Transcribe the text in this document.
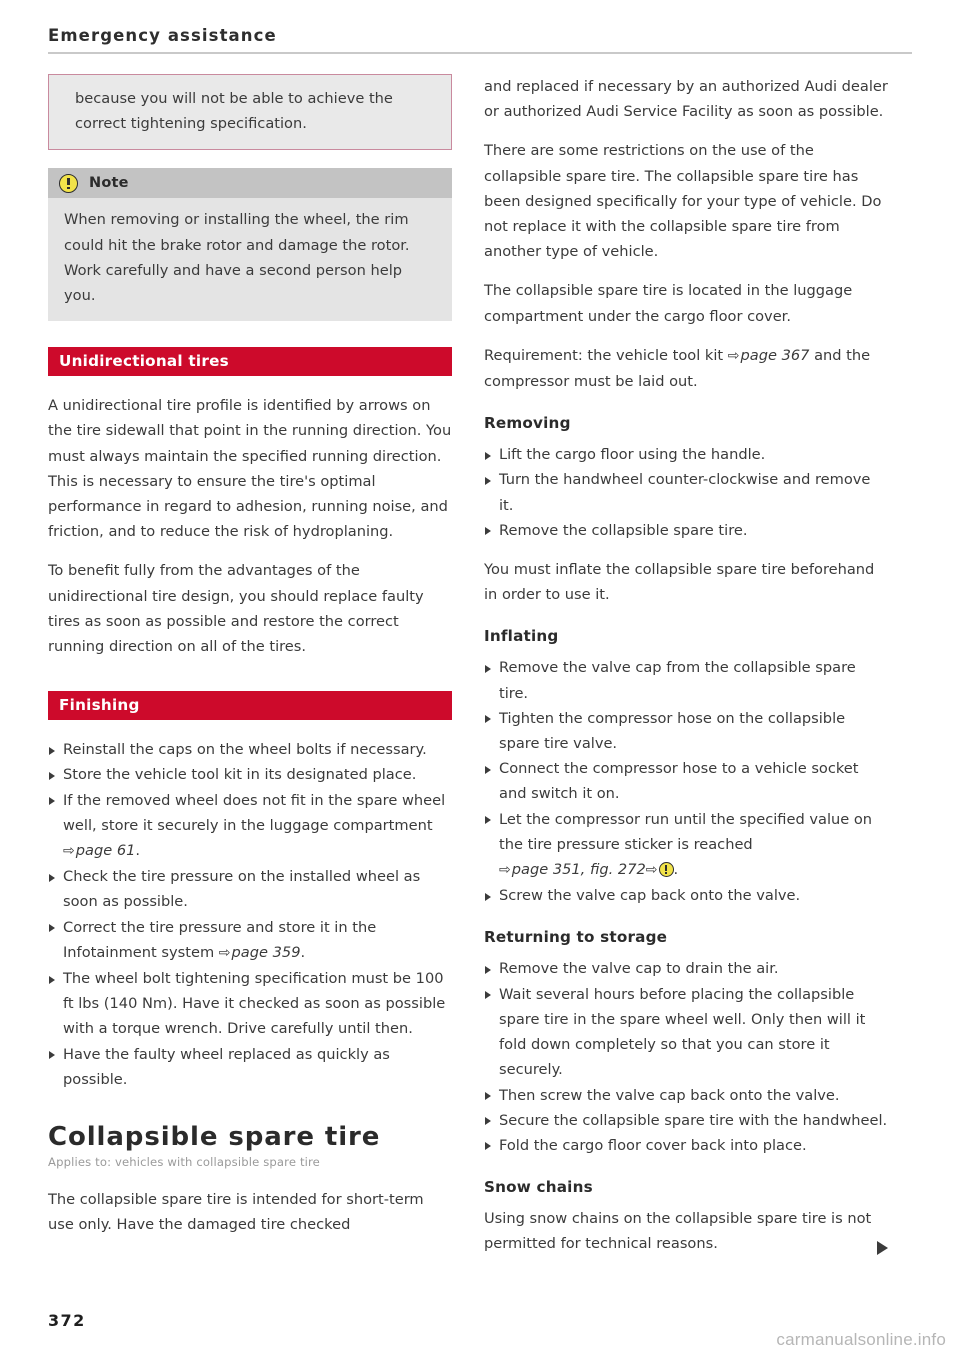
Emergency assistance

because you will not be able to achieve the correct tightening specification.

Note

When removing or installing the wheel, the rim could hit the brake rotor and damage the rotor. Work carefully and have a second person help you.

Unidirectional tires

A unidirectional tire profile is identified by arrows on the tire sidewall that point in the running direction. You must always maintain the specified running direction. This is necessary to ensure the tire's optimal performance in regard to adhesion, running noise, and friction, and to reduce the risk of hydroplaning.

To benefit fully from the advantages of the unidirectional tire design, you should replace faulty tires as soon as possible and restore the correct running direction on all of the tires.

Finishing
Reinstall the caps on the wheel bolts if necessary.
Store the vehicle tool kit in its designated place.
If the removed wheel does not fit in the spare wheel well, store it securely in the luggage compartment ⇨page 61.
Check the tire pressure on the installed wheel as soon as possible.
Correct the tire pressure and store it in the Infotainment system ⇨page 359.
The wheel bolt tightening specification must be 100 ft lbs (140 Nm). Have it checked as soon as possible with a torque wrench. Drive carefully until then.
Have the faulty wheel replaced as quickly as possible.
Collapsible spare tire
Applies to: vehicles with collapsible spare tire

The collapsible spare tire is intended for short-term use only. Have the damaged tire checked

and replaced if necessary by an authorized Audi dealer or authorized Audi Service Facility as soon as possible.

There are some restrictions on the use of the collapsible spare tire. The collapsible spare tire has been designed specifically for your type of vehicle. Do not replace it with the collapsible spare tire from another type of vehicle.

The collapsible spare tire is located in the luggage compartment under the cargo floor cover.

Requirement: the vehicle tool kit ⇨page 367 and the compressor must be laid out.

Removing
Lift the cargo floor using the handle.
Turn the handwheel counter-clockwise and remove it.
Remove the collapsible spare tire.

You must inflate the collapsible spare tire beforehand in order to use it.

Inflating
Remove the valve cap from the collapsible spare tire.
Tighten the compressor hose on the collapsible spare tire valve.
Connect the compressor hose to a vehicle socket and switch it on.
Let the compressor run until the specified value on the tire pressure sticker is reached ⇨page 351, fig. 272⇨ .
Screw the valve cap back onto the valve.
Returning to storage
Remove the valve cap to drain the air.
Wait several hours before placing the collapsible spare tire in the spare wheel well. Only then will it fold down completely so that you can store it securely.
Then screw the valve cap back onto the valve.
Secure the collapsible spare tire with the handwheel.
Fold the cargo floor cover back into place.
Snow chains

Using snow chains on the collapsible spare tire is not permitted for technical reasons.

372
carmanualsonline.info
